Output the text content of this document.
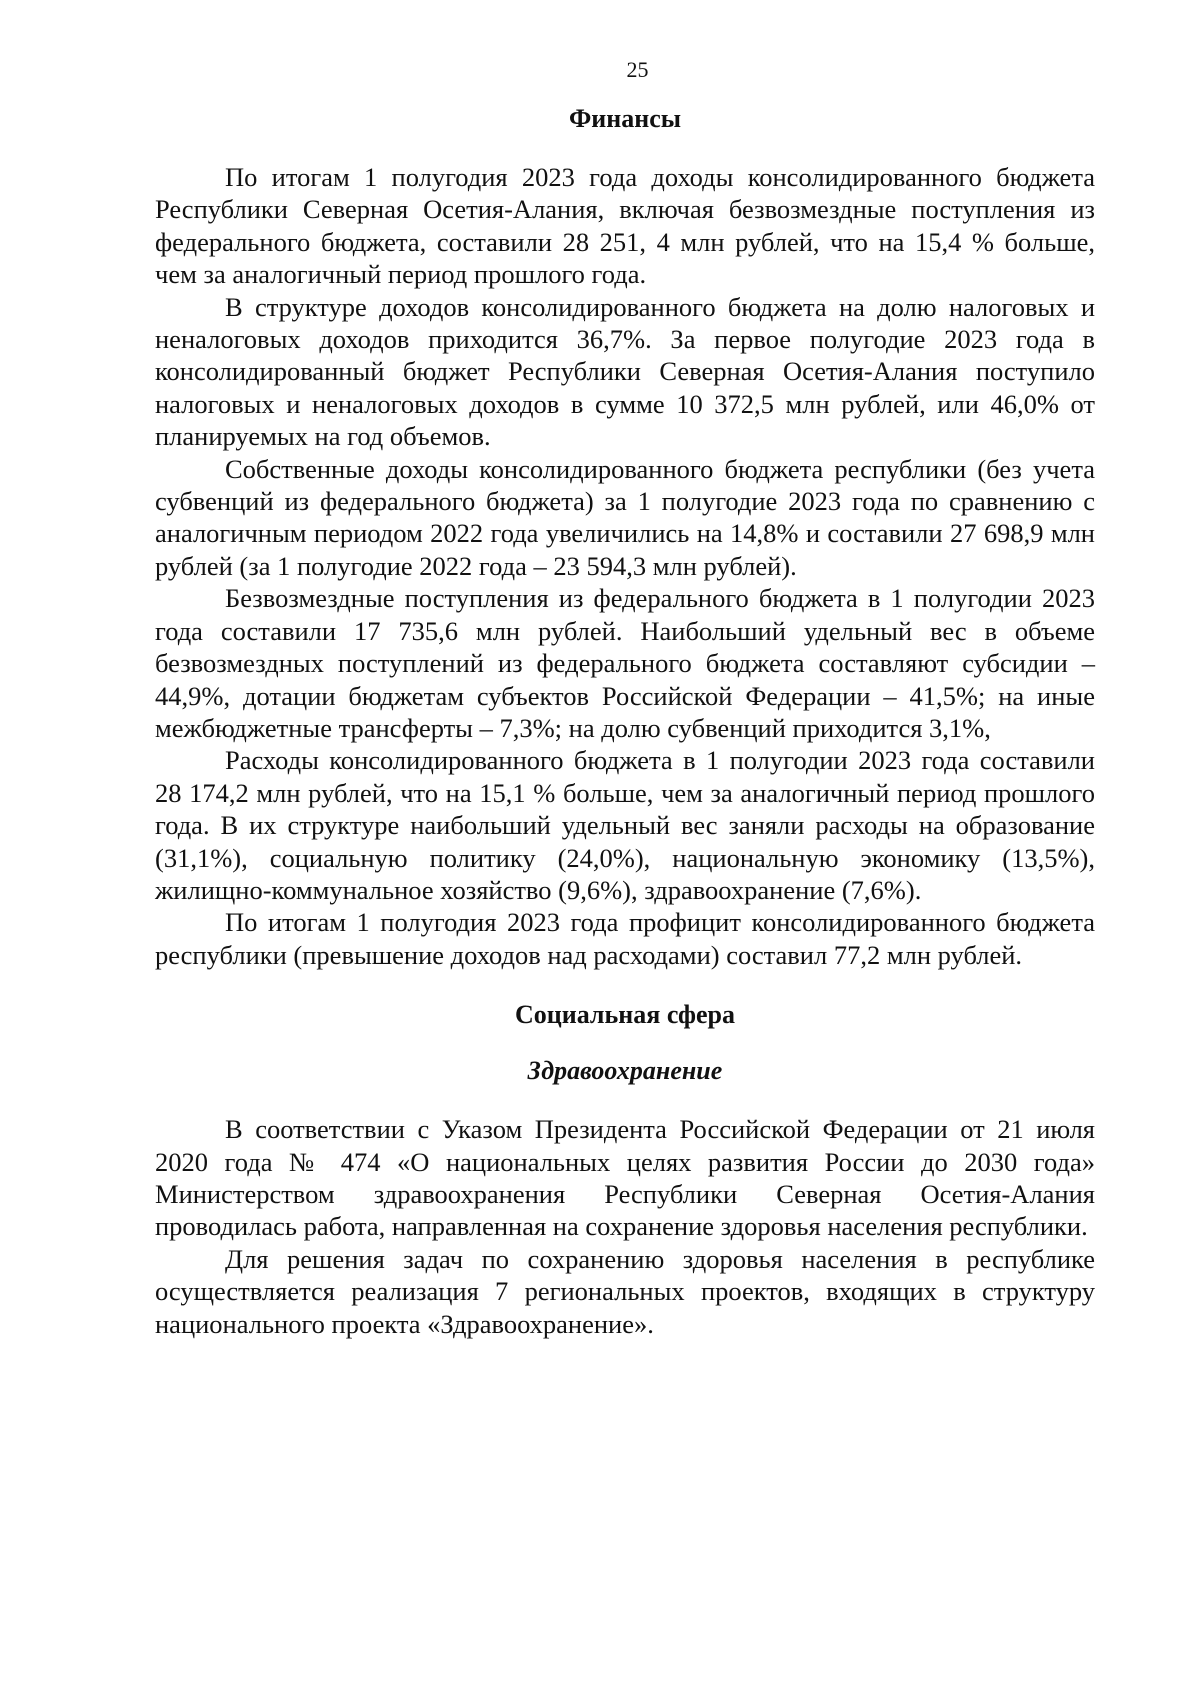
25
Финансы

По итогам 1 полугодия 2023 года доходы консолидированного бюджета Республики Северная Осетия-Алания, включая безвозмездные поступления из федерального бюджета, составили 28 251, 4 млн рублей, что на 15,4 % больше, чем за аналогичный период прошлого года.

В структуре доходов консолидированного бюджета на долю налоговых и неналоговых доходов приходится 36,7%. За первое полугодие 2023 года в консолидированный бюджет Республики Северная Осетия-Алания поступило налоговых и неналоговых доходов в сумме 10 372,5 млн рублей, или 46,0% от планируемых на год объемов.

Собственные доходы консолидированного бюджета республики (без учета субвенций из федерального бюджета) за 1 полугодие 2023 года по сравнению с аналогичным периодом 2022 года увеличились на 14,8% и составили 27 698,9 млн рублей (за 1 полугодие 2022 года – 23 594,3 млн рублей).

Безвозмездные поступления из федерального бюджета в 1 полугодии 2023 года составили 17 735,6 млн рублей. Наибольший удельный вес в объеме безвозмездных поступлений из федерального бюджета составляют субсидии – 44,9%, дотации бюджетам субъектов Российской Федерации – 41,5%; на иные межбюджетные трансферты – 7,3%; на долю субвенций приходится 3,1%,

Расходы консолидированного бюджета в 1 полугодии 2023 года составили 28 174,2 млн рублей, что на 15,1 % больше, чем за аналогичный период прошлого года. В их структуре наибольший удельный вес заняли расходы на образование (31,1%), социальную политику (24,0%), национальную экономику (13,5%), жилищно-коммунальное хозяйство (9,6%), здравоохранение (7,6%).

По итогам 1 полугодия 2023 года профицит консолидированного бюджета республики (превышение доходов над расходами) составил 77,2 млн рублей.

Социальная сфера
Здравоохранение

В соответствии с Указом Президента Российской Федерации от 21 июля 2020 года № 474 «О национальных целях развития России до 2030 года» Министерством здравоохранения Республики Северная Осетия-Алания проводилась работа, направленная на сохранение здоровья населения республики.

Для решения задач по сохранению здоровья населения в республике осуществляется реализация 7 региональных проектов, входящих в структуру национального проекта «Здравоохранение».
